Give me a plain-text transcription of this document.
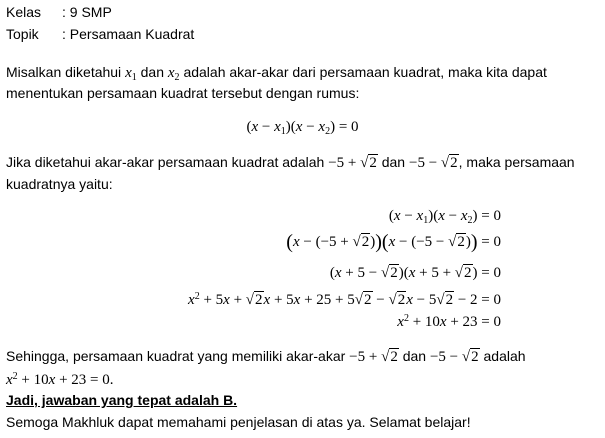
Kelas : 9 SMP
Topik : Persamaan Kuadrat
Misalkan diketahui $x_1$ dan $x_2$ adalah akar-akar dari persamaan kuadrat, maka kita dapat
menentukan persamaan kuadrat tersebut dengan rumus:
$(x - x_1)(x - x_2) = 0$
Jika diketahui akar-akar persamaan kuadrat adalah −5 + √2 dan −5 − √2, maka persamaan
kuadratnya yaitu:
$(x - x_1)(x - x_2) = 0$
(x − (−5 + √2))(x − (−5 − √2)) = 0
(x + 5 − √2)(x + 5 + √2) = 0
$x^2 + 5x + √2x + 5x + 25 + 5√2 - √2x - 5√2 - 2 = 0$
$x^2 + 10x + 23 = 0$
Sehingga, persamaan kuadrat yang memiliki akar-akar −5 + √2 dan −5 − √2 adalah
$x^2 + 10x + 23 = 0$.
Jadi, jawaban yang tepat adalah B.
Semoga Makhluk dapat memahami penjelasan di atas ya. Selamat belajar!
